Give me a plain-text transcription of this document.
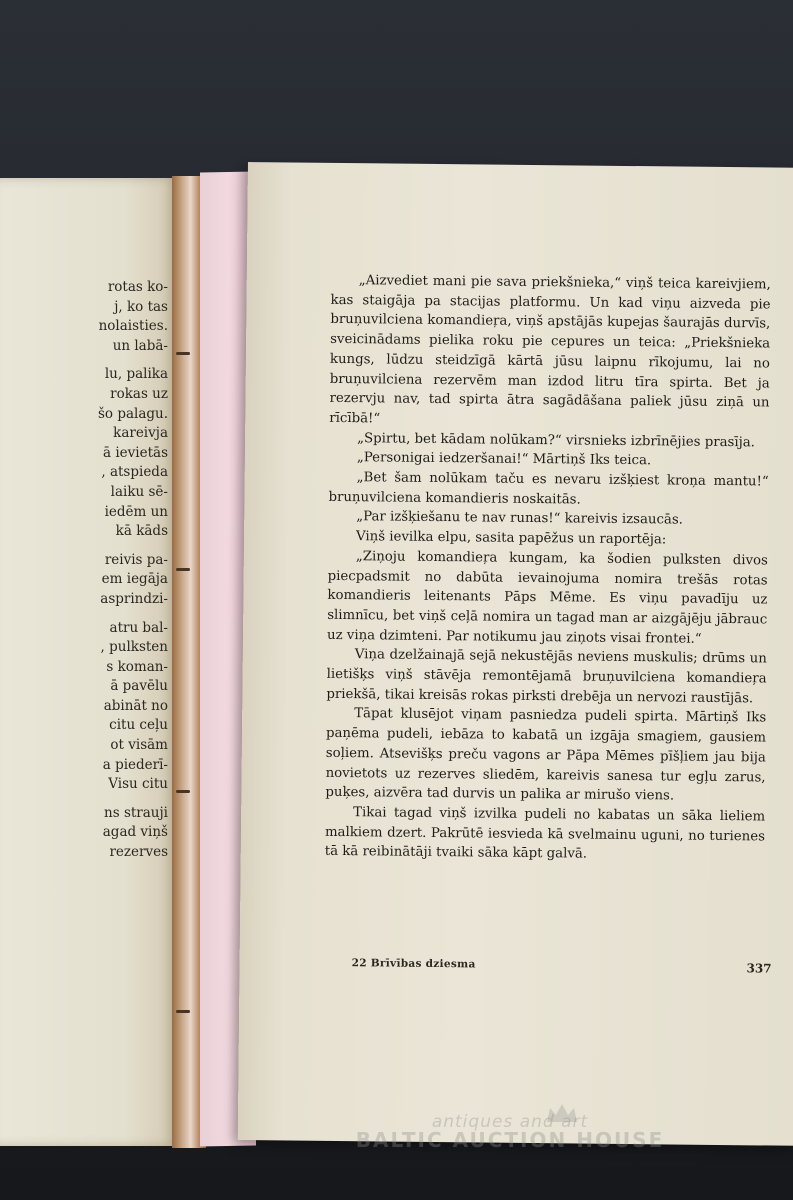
rotas ko-
j, ko tas
nolaisties.
un labā-
lu, palika
rokas uz
šo palagu.
kareivja
ā ievietās
, atspieda
laiku sē-
iedēm un
kā kāds
reivis pa-
em iegāja
asprindzi-
atru bal-
, pulksten
s koman-
ā pavēlu
abināt no
citu ceļu
ot visām
a piederī-
Visu citu
ns strauji
agad viņš
rezerves

„Aizvediet mani pie sava priekšnieka,“ viņš teica kareivjiem, kas staigāja pa stacijas platformu. Un kad viņu aizveda pie bruņuvilciena komandieŗa, viņš apstājās kupejas šaurajās durvīs, sveicinādams pielika roku pie cepures un teica: „Priekšnieka kungs, lūdzu steidzīgā kārtā jūsu laipnu rīkojumu, lai no bruņuvilciena rezervēm man izdod litru tīra spirta. Bet ja rezervju nav, tad spirta ātra sagādāšana paliek jūsu ziņā un rīcībā!“

„Spirtu, bet kādam nolūkam?“ virsnieks izbrīnējies prasīja.

„Personigai iedzeršanai!“ Mārtiņš Iks teica.

„Bet šam nolūkam taču es nevaru izšķiest kroņa mantu!“ bruņuvilciena komandieris noskaitās.

„Par izšķiešanu te nav runas!“ kareivis izsaucās.

Viņš ievilka elpu, sasita papēžus un raportēja:

„Ziņoju komandieŗa kungam, ka šodien pulksten divos piecpadsmit no dabūta ievainojuma nomira trešās rotas komandieris leitenants Pāps Mēme. Es viņu pavadīju uz slimnīcu, bet viņš ceļā nomira un tagad man ar aizgājēju jābrauc uz viņa dzimteni. Par notikumu jau ziņots visai frontei.“

Viņa dzelžainajā sejā nekustējās neviens muskulis; drūms un lietišķs viņš stāvēja remontējamā bruņuvilciena komandieŗa priekšā, tikai kreisās rokas pirksti drebēja un nervozi raustījās.

Tāpat klusējot viņam pasniedza pudeli spirta. Mārtiņš Iks paņēma pudeli, iebāza to kabatā un izgāja smagiem, gausiem soļiem. Atsevišķs preču vagons ar Pāpa Mēmes pīšļiem jau bija novietots uz rezerves sliedēm, kareivis sanesa tur egļu zarus, puķes, aizvēra tad durvis un palika ar mirušo viens.

Tikai tagad viņš izvilka pudeli no kabatas un sāka lieliem malkiem dzert. Pakrūtē iesvieda kā svelmainu uguni, no turienes tā kā reibinātāji tvaiki sāka kāpt galvā.

22 Brīvības dziesma	337
antiques and art
BALTIC AUCTION HOUSE
